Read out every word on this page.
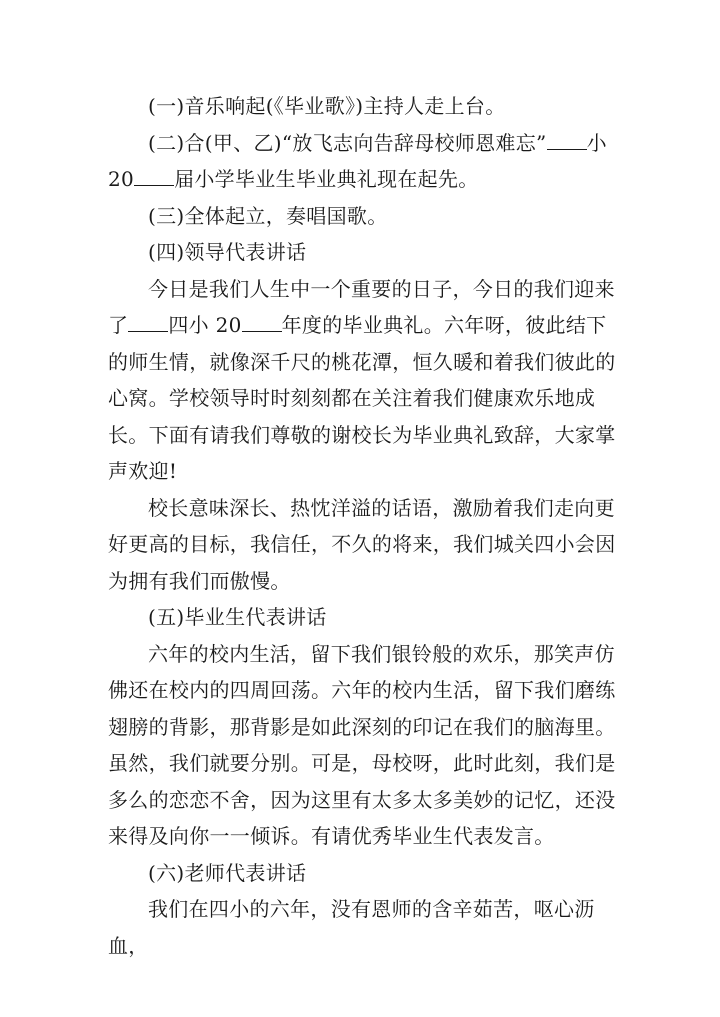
(一)音乐响起(《毕业歌》)主持人走上台。

(二)合(甲、乙)“放飞志向告辞母校师恩难忘” 小20 届小学毕业生毕业典礼现在起先。

(三)全体起立，奏唱国歌。

(四)领导代表讲话

今日是我们人生中一个重要的日子，今日的我们迎来了 四小 20 年度的毕业典礼。六年呀，彼此结下的师生情，就像深千尺的桃花潭，恒久暖和着我们彼此的心窝。学校领导时时刻刻都在关注着我们健康欢乐地成长。下面有请我们尊敬的谢校长为毕业典礼致辞，大家掌声欢迎!

校长意味深长、热忱洋溢的话语，激励着我们走向更好更高的目标，我信任，不久的将来，我们城关四小会因为拥有我们而傲慢。

(五)毕业生代表讲话

六年的校内生活，留下我们银铃般的欢乐，那笑声仿佛还在校内的四周回荡。六年的校内生活，留下我们磨练翅膀的背影，那背影是如此深刻的印记在我们的脑海里。虽然，我们就要分别。可是，母校呀，此时此刻，我们是多么的恋恋不舍，因为这里有太多太多美妙的记忆，还没来得及向你一一倾诉。有请优秀毕业生代表发言。

(六)老师代表讲话

我们在四小的六年，没有恩师的含辛茹苦，呕心沥血，
